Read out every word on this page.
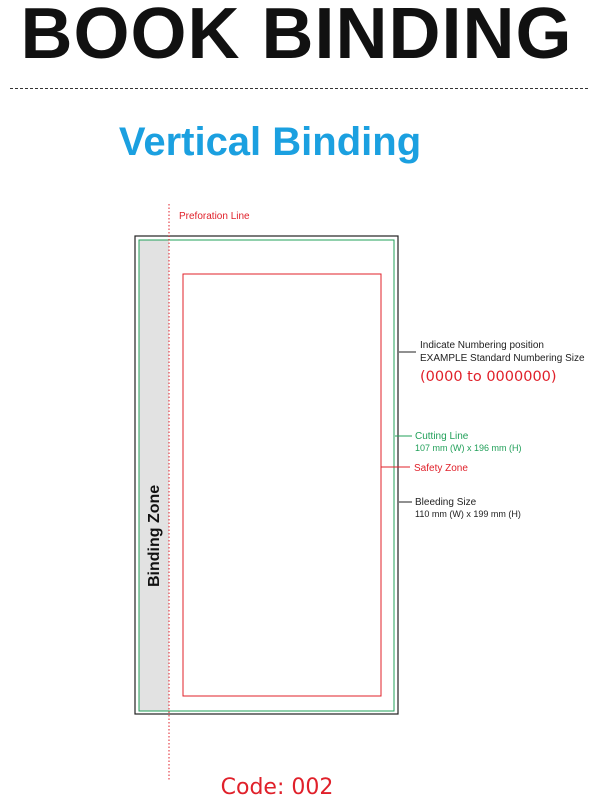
BOOK BINDING
Vertical Binding
Preforation Line
Binding Zone
Indicate Numbering position
EXAMPLE Standard Numbering Size
(0000 to 0000000)
Cutting Line
107 mm (W) x 196 mm (H)
Safety Zone
Bleeding Size
110 mm (W) x 199 mm (H)
Code: 002
